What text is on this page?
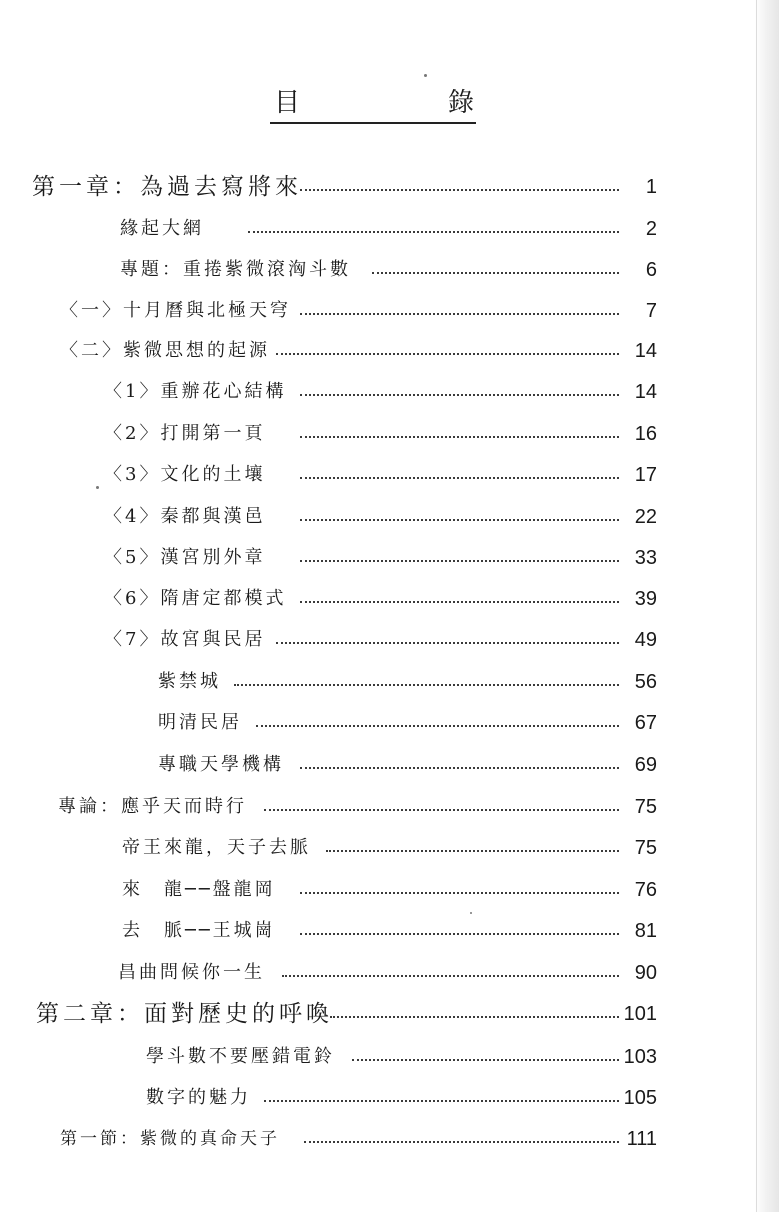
目	錄
第一章：為過去寫將來	1
緣起大網	2
專題：重捲紫微滾洶斗數	6
〈一〉十月曆與北極天穹	7
〈二〉紫微思想的起源	14
〈1〉重辦花心結構	14
〈2〉打開第一頁	16
〈3〉文化的土壤	17
〈4〉秦都與漢邑	22
〈5〉漢宮別外章	33
〈6〉隋唐定都模式	39
〈7〉故宮與民居	49
紫禁城	56
明清民居	67
專職天學機構	69
專論：應乎天而時行	75
帝王來龍，天子去脈	75
來　龍──盤龍岡	76
去　脈──王城崗	81
昌曲問候你一生	90
第二章：面對歷史的呼喚	101
學斗數不要壓錯電鈴	103
數字的魅力	105
第一節：紫微的真命天子	111
